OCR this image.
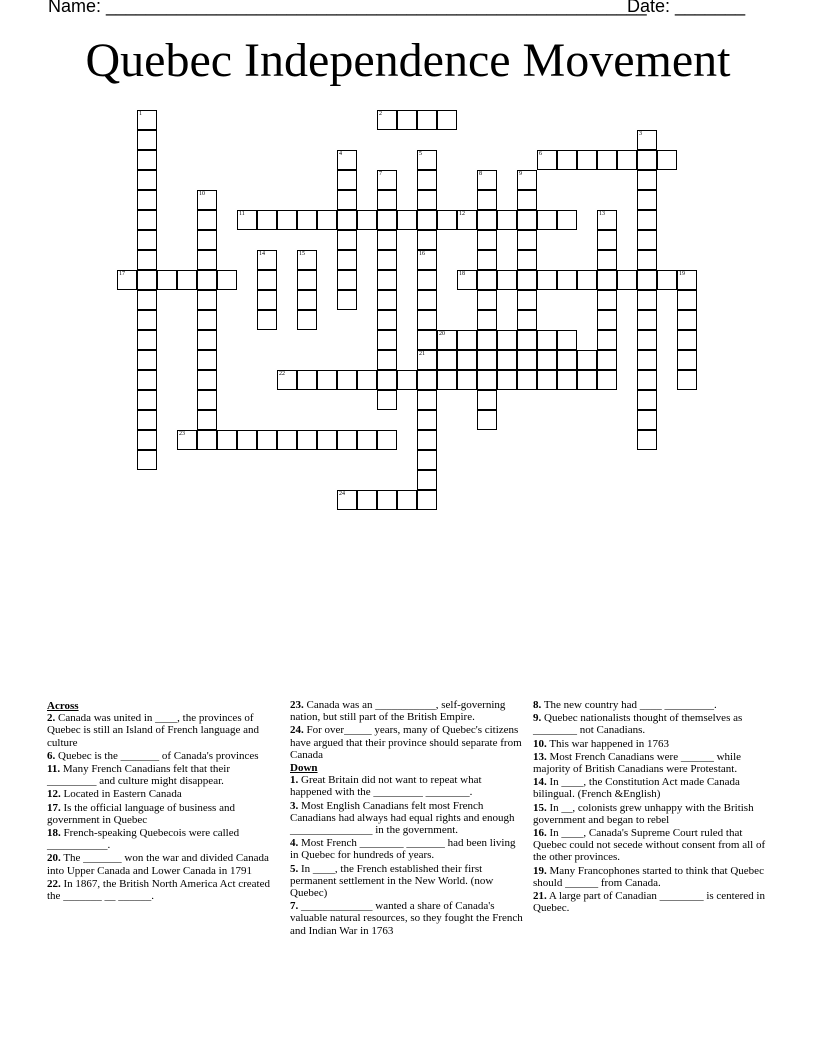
Name: ______________________________________________________
Date: _______
Quebec Independence Movement
1	2
3
4	5
16
6
7	8	9
10
11	12	13
14	15
21
17	18	19
20
22
23
24
Across
2. Canada was united in ____, the provinces of Quebec is still an Island of French language and culture
6. Quebec is the _______ of Canada's provinces
11. Many French Canadians felt that their _________ and culture might disappear.
12. Located in Eastern Canada
17. Is the official language of business and government in Quebec
18. French-speaking Quebecois were called ___________.
20. The _______ won the war and divided Canada into Upper Canada and Lower Canada in 1791
22. In 1867, the British North America Act created the _______ __ ______.
23. Canada was an ___________, self-governing nation, but still part of the British Empire.
24. For over_____ years, many of Quebec's citizens have argued that their province should separate from Canada
Down
1. Great Britain did not want to repeat what happened with the _________ ________.
3. Most English Canadians felt most French Canadians had always had equal rights and enough _______________ in the government.
4. Most French ________ _______ had been living in Quebec for hundreds of years.
5. In ____, the French established their first permanent settlement in the New World. (now Quebec)
7. _____________ wanted a share of Canada's valuable natural resources, so they fought the French and Indian War in 1763
8. The new country had ____ _________.
9. Quebec nationalists thought of themselves as ________ not Canadians.
10. This war happened in 1763
13. Most French Canadians were ______ while majority of British Canadians were Protestant.
14. In ____, the Constitution Act made Canada bilingual. (French &English)
15. In __, colonists grew unhappy with the British government and began to rebel
16. In ____, Canada's Supreme Court ruled that Quebec could not secede without consent from all of the other provinces.
19. Many Francophones started to think that Quebec should ______ from Canada.
21. A large part of Canadian ________ is centered in Quebec.
